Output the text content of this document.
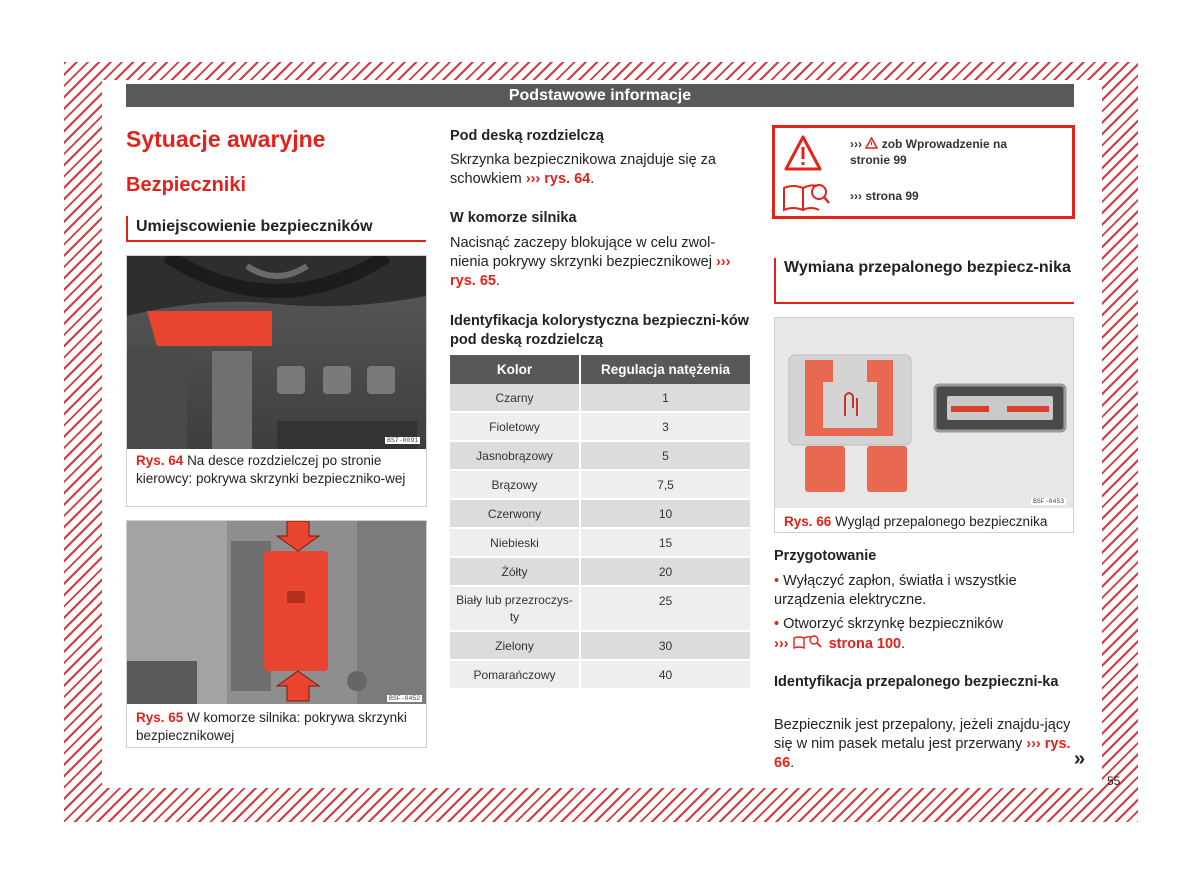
Podstawowe informacje
Sytuacje awaryjne
Bezpieczniki
Umiejscowienie bezpieczników
BS7-0091
Rys. 64 Na desce rozdzielczej po stronie kierowcy: pokrywa skrzynki bezpieczniko-wej
BSF-0452
Rys. 65 W komorze silnika: pokrywa skrzynki bezpiecznikowej
Pod deską rozdzielczą
Skrzynka bezpiecznikowa znajduje się za schowkiem ››› rys. 64.
W komorze silnika
Nacisnąć zaczepy blokujące w celu zwol-nienia pokrywy skrzynki bezpiecznikowej ››› rys. 65.
Identyfikacja kolorystyczna bezpieczni-ków pod deską rozdzielczą
Kolor	Regulacja natężenia
Czarny	1
Fioletowy	3
Jasnobrązowy	5
Brązowy	7,5
Czerwony	10
Niebieski	15
Żółty	20
Biały lub przezroczys-ty	25
Zielony	30
Pomarańczowy	40
››› zob Wprowadzenie na stronie 99
››› strona 99
Wymiana przepalonego bezpiecz-nika
BSF-0453
Rys. 66 Wygląd przepalonego bezpiecznika
Przygotowanie
• Wyłączyć zapłon, światła i wszystkie urządzenia elektryczne.
• Otworzyć skrzynkę bezpieczników
›››	strona 100.
Identyfikacja przepalonego bezpieczni-ka
Bezpiecznik jest przepalony, jeżeli znajdu-jący się w nim pasek metalu jest przerwany ››› rys. 66.	»
55
